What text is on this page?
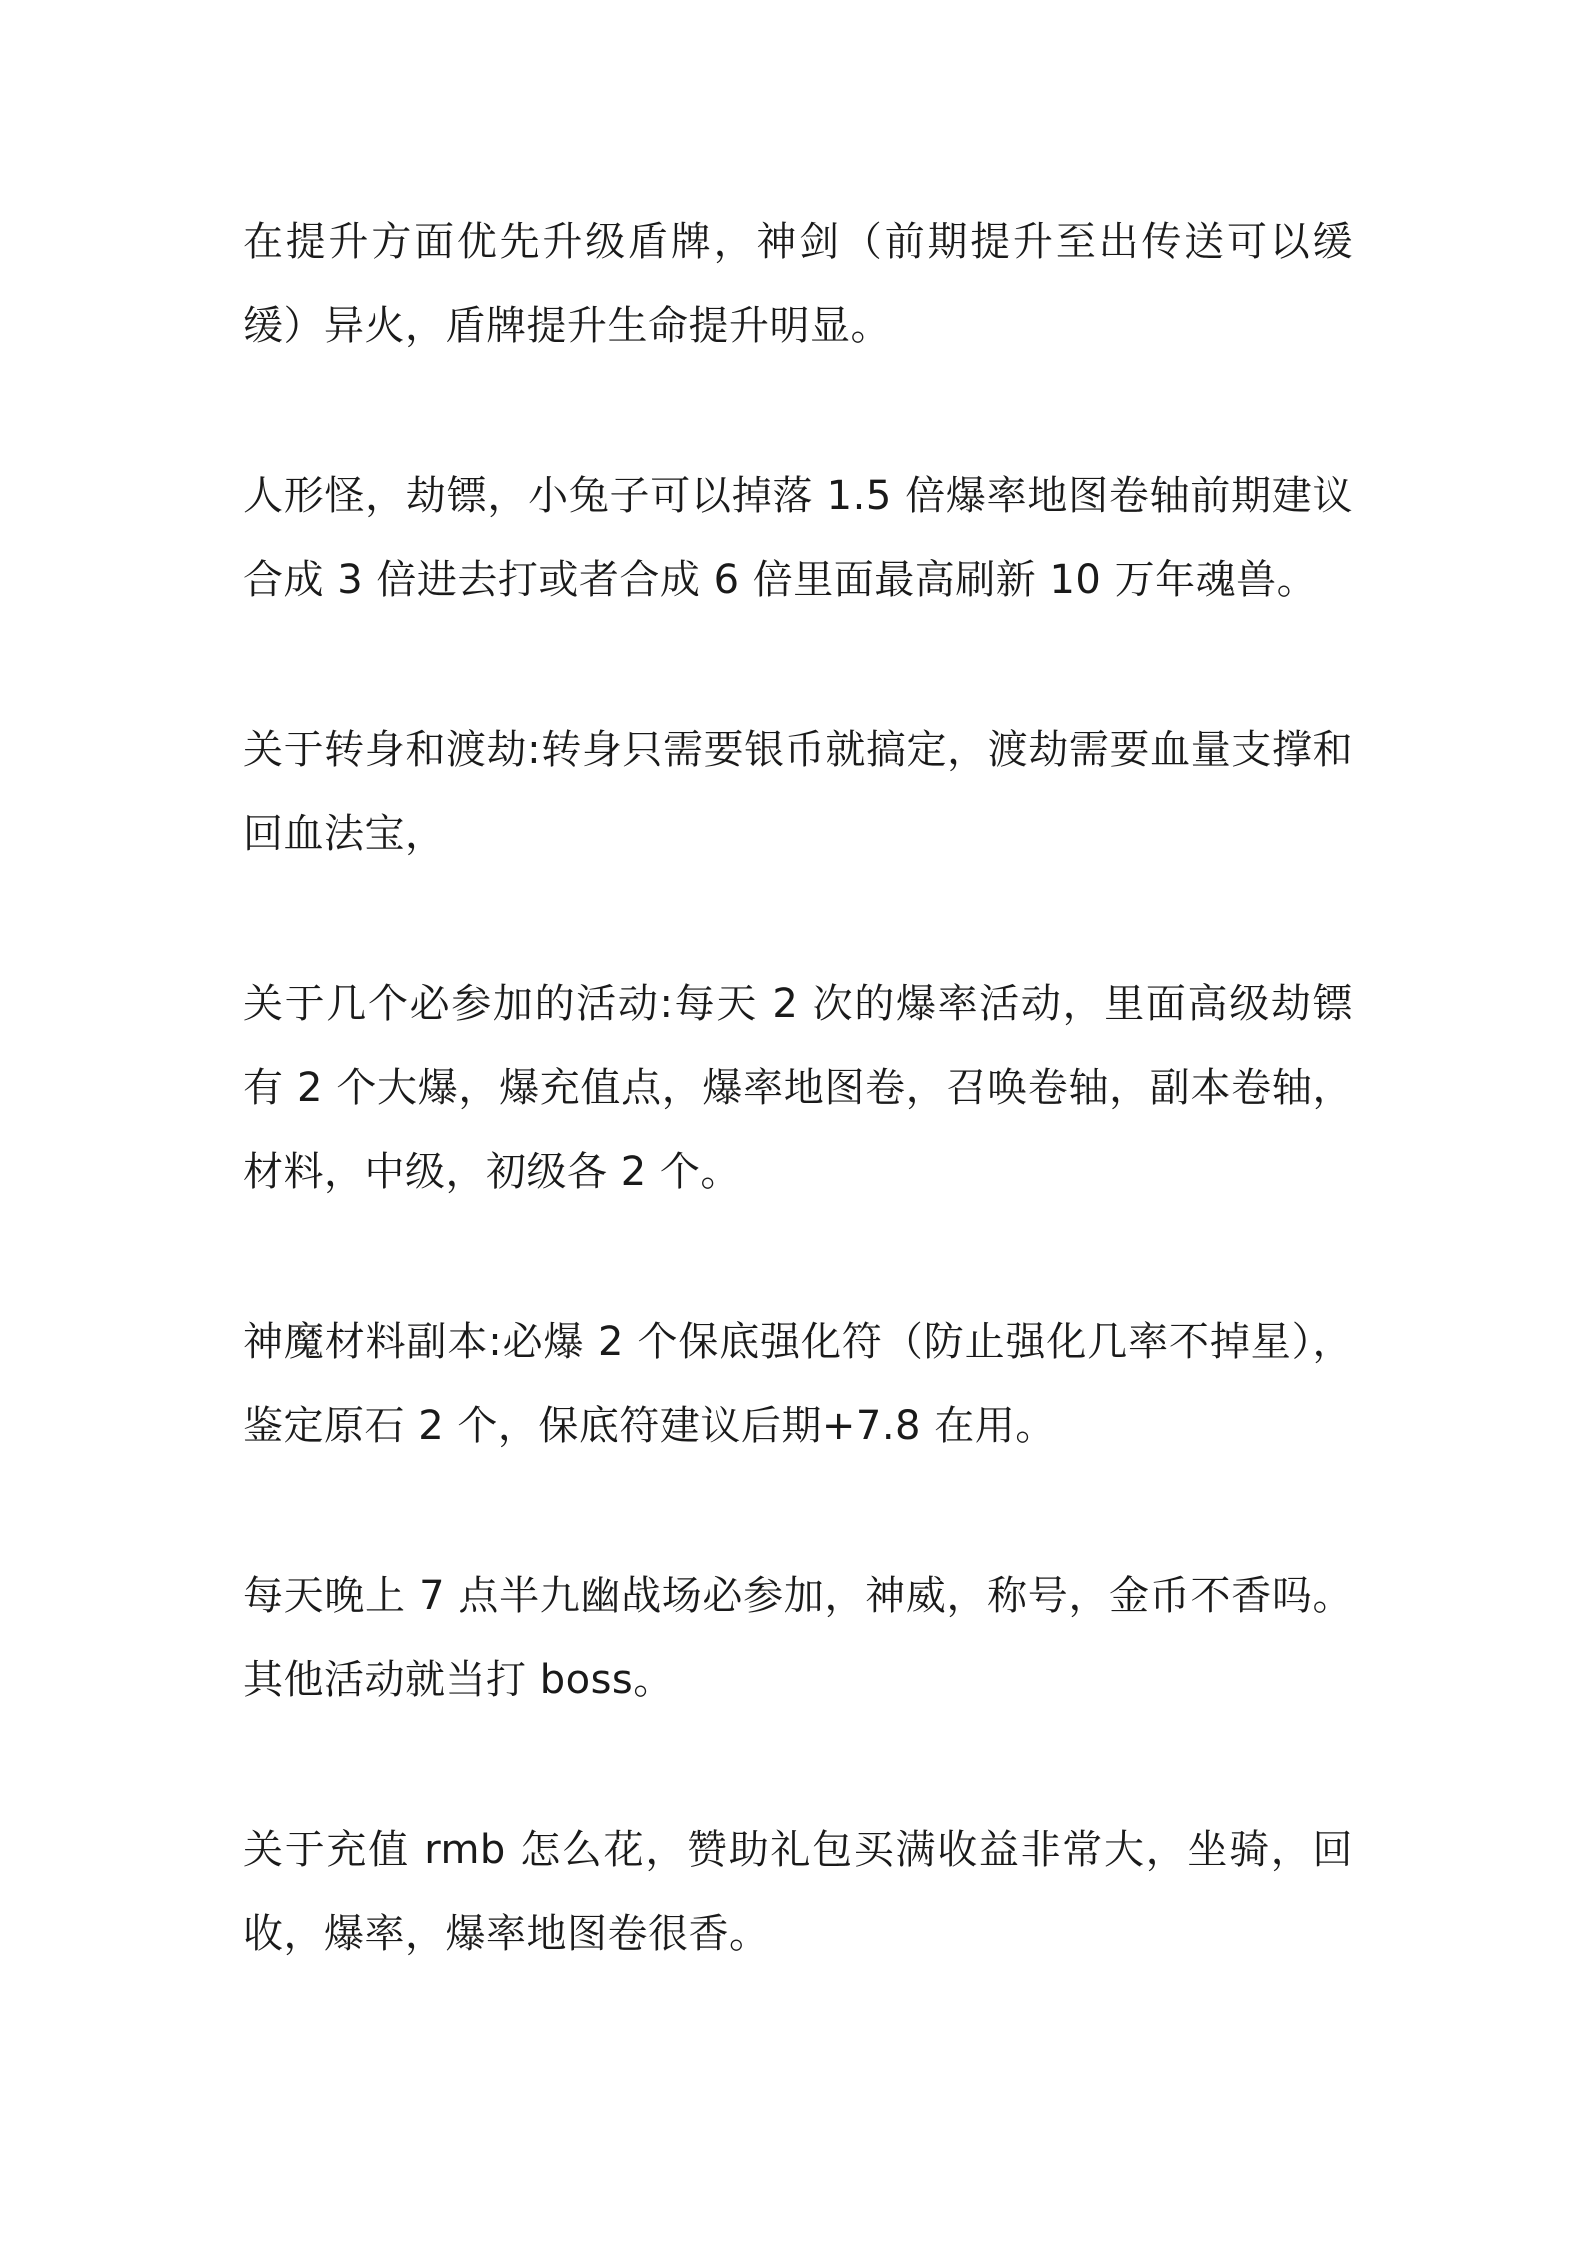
在提升方面优先升级盾牌，神剑（前期提升至出传送可以缓缓）异火，盾牌提升生命提升明显。

人形怪，劫镖，小兔子可以掉落 1.5 倍爆率地图卷轴前期建议合成 3 倍进去打或者合成 6 倍里面最高刷新 10 万年魂兽。

关于转身和渡劫:转身只需要银币就搞定，渡劫需要血量支撑和回血法宝，

关于几个必参加的活动:每天 2 次的爆率活动，里面高级劫镖有 2 个大爆，爆充值点，爆率地图卷，召唤卷轴，副本卷轴，材料，中级，初级各 2 个。

神魔材料副本:必爆 2 个保底强化符（防止强化几率不掉星），鉴定原石 2 个，保底符建议后期+7.8 在用。

每天晚上 7 点半九幽战场必参加，神威，称号，金币不香吗。其他活动就当打 boss。

关于充值 rmb 怎么花，赞助礼包买满收益非常大，坐骑，回收，爆率，爆率地图卷很香。
